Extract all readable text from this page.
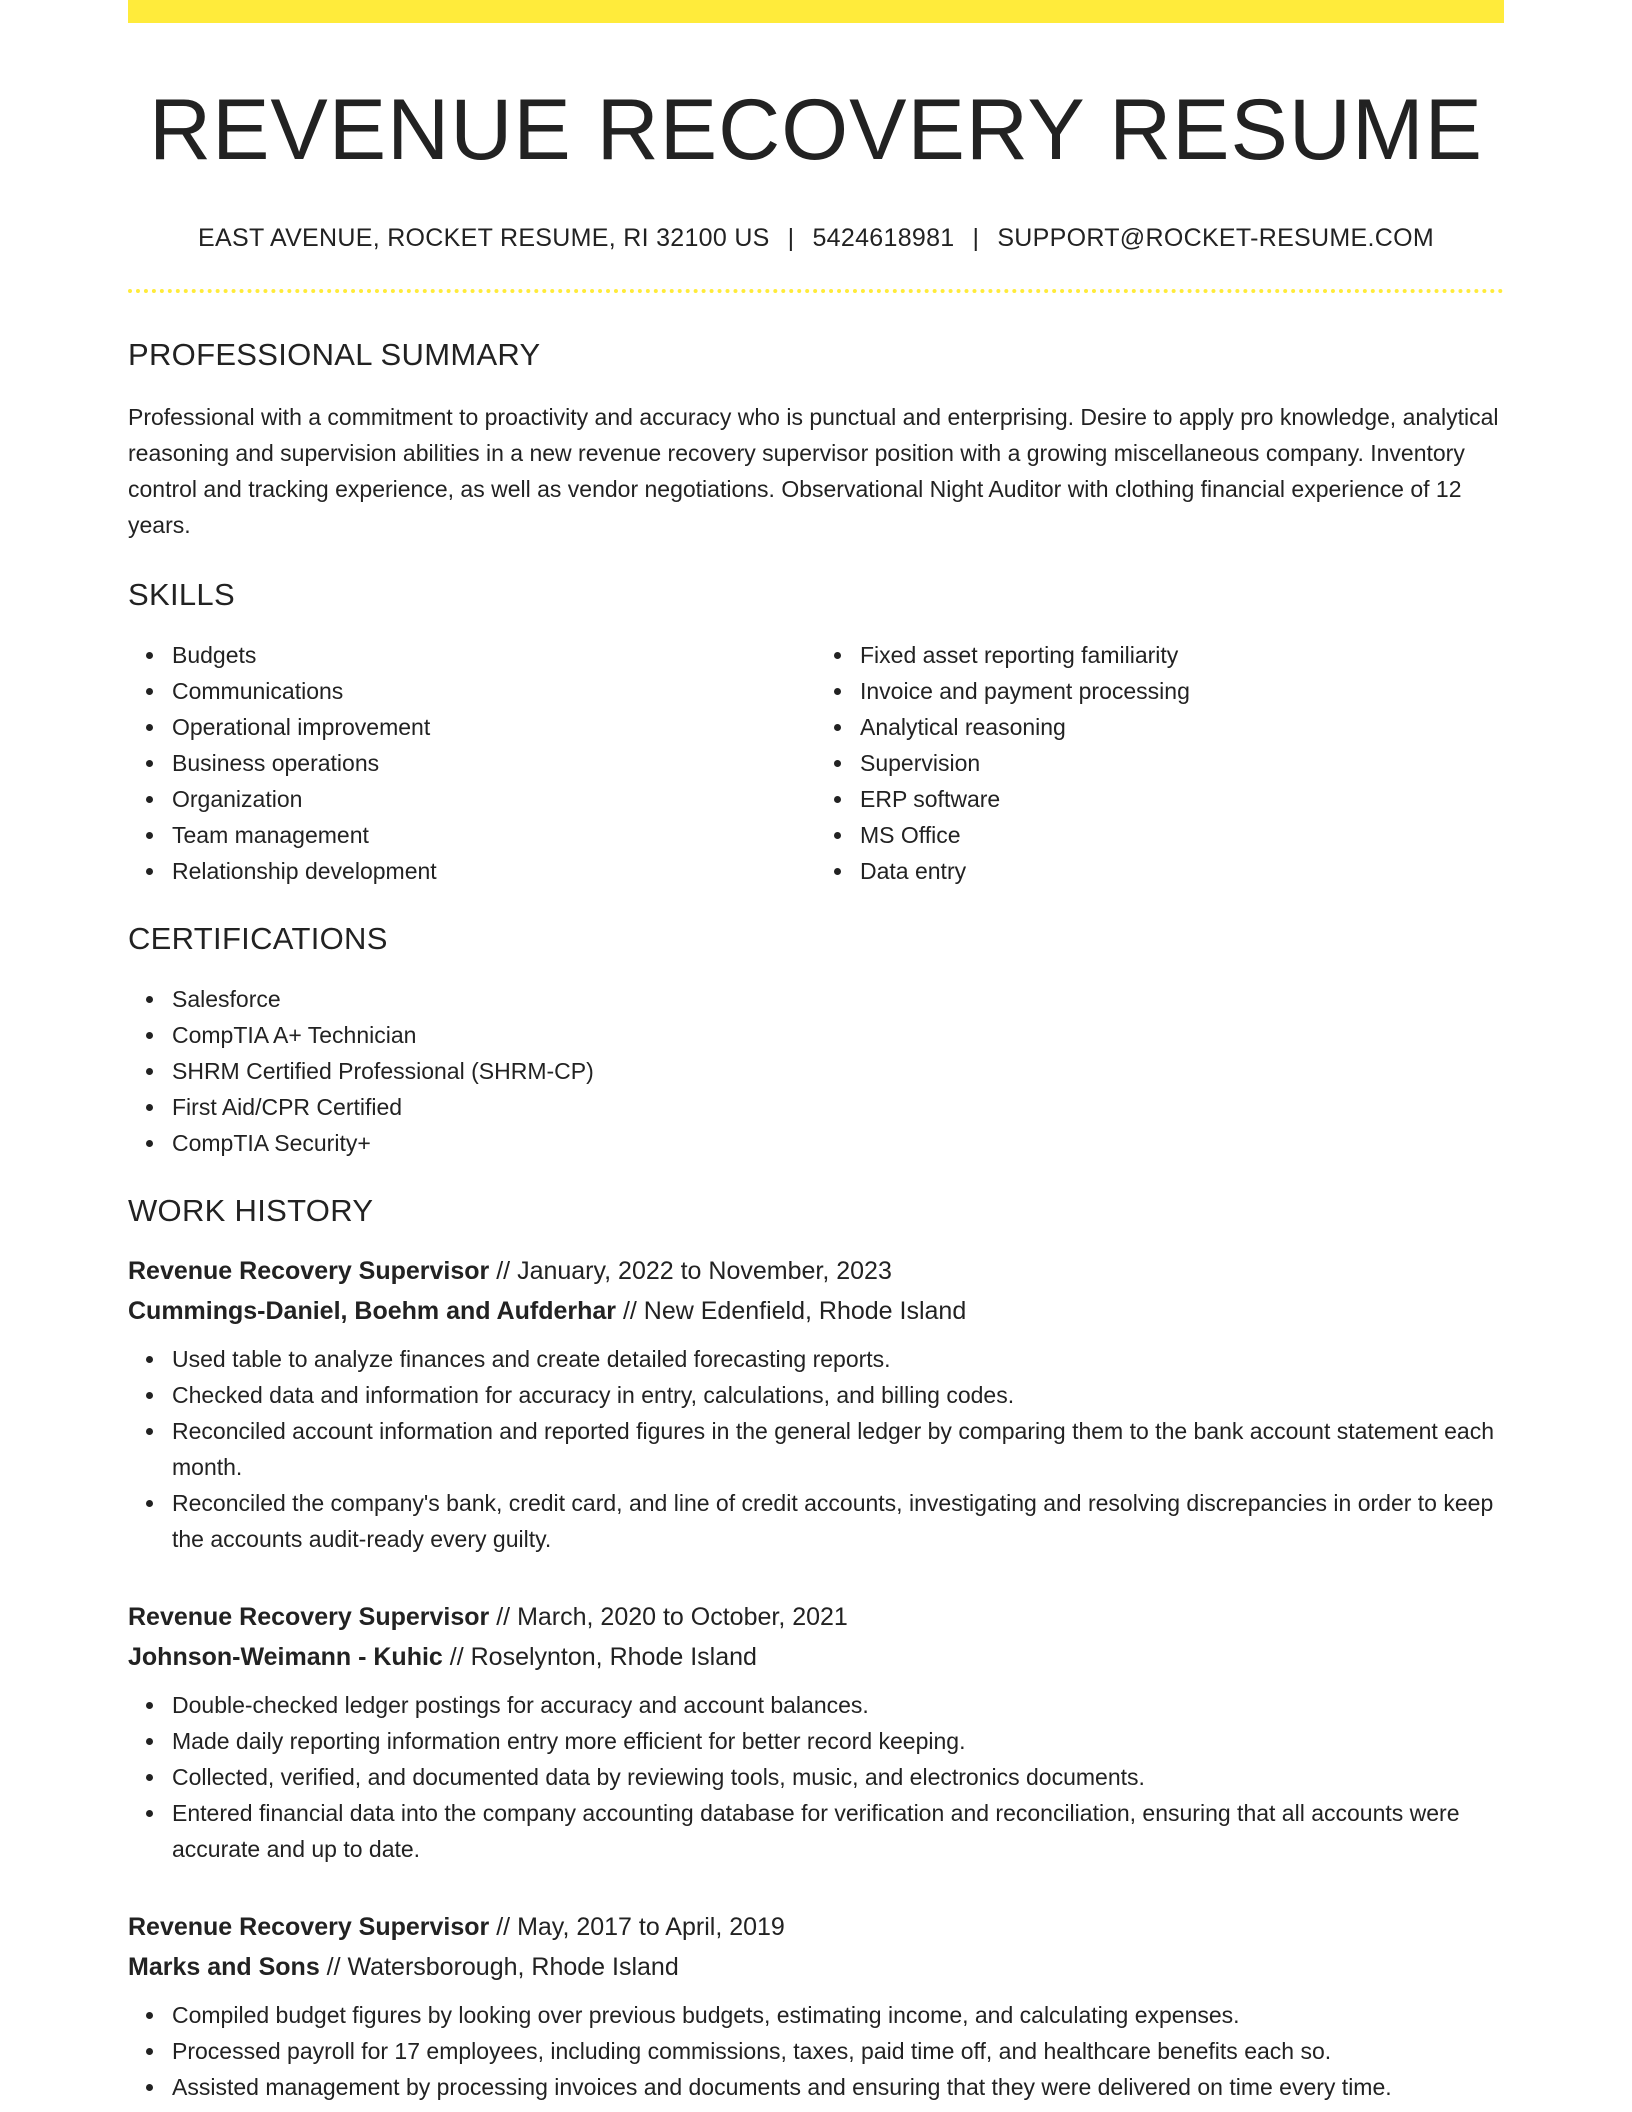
REVENUE RECOVERY RESUME
EAST AVENUE, ROCKET RESUME, RI 32100 US | 5424618981 | SUPPORT@ROCKET-RESUME.COM
PROFESSIONAL SUMMARY

Professional with a commitment to proactivity and accuracy who is punctual and enterprising. Desire to apply pro knowledge, analytical reasoning and supervision abilities in a new revenue recovery supervisor position with a growing miscellaneous company. Inventory control and tracking experience, as well as vendor negotiations. Observational Night Auditor with clothing financial experience of 12 years.

SKILLS
Budgets
Communications
Operational improvement
Business operations
Organization
Team management
Relationship development
Fixed asset reporting familiarity
Invoice and payment processing
Analytical reasoning
Supervision
ERP software
MS Office
Data entry
CERTIFICATIONS
Salesforce
CompTIA A+ Technician
SHRM Certified Professional (SHRM-CP)
First Aid/CPR Certified
CompTIA Security+
WORK HISTORY
Revenue Recovery Supervisor // January, 2022 to November, 2023
Cummings-Daniel, Boehm and Aufderhar // New Edenfield, Rhode Island
Used table to analyze finances and create detailed forecasting reports.
Checked data and information for accuracy in entry, calculations, and billing codes.
Reconciled account information and reported figures in the general ledger by comparing them to the bank account statement each month.
Reconciled the company's bank, credit card, and line of credit accounts, investigating and resolving discrepancies in order to keep the accounts audit-ready every guilty.
Revenue Recovery Supervisor // March, 2020 to October, 2021
Johnson-Weimann - Kuhic // Roselynton, Rhode Island
Double-checked ledger postings for accuracy and account balances.
Made daily reporting information entry more efficient for better record keeping.
Collected, verified, and documented data by reviewing tools, music, and electronics documents.
Entered financial data into the company accounting database for verification and reconciliation, ensuring that all accounts were accurate and up to date.
Revenue Recovery Supervisor // May, 2017 to April, 2019
Marks and Sons // Watersborough, Rhode Island
Compiled budget figures by looking over previous budgets, estimating income, and calculating expenses.
Processed payroll for 17 employees, including commissions, taxes, paid time off, and healthcare benefits each so.
Assisted management by processing invoices and documents and ensuring that they were delivered on time every time.
